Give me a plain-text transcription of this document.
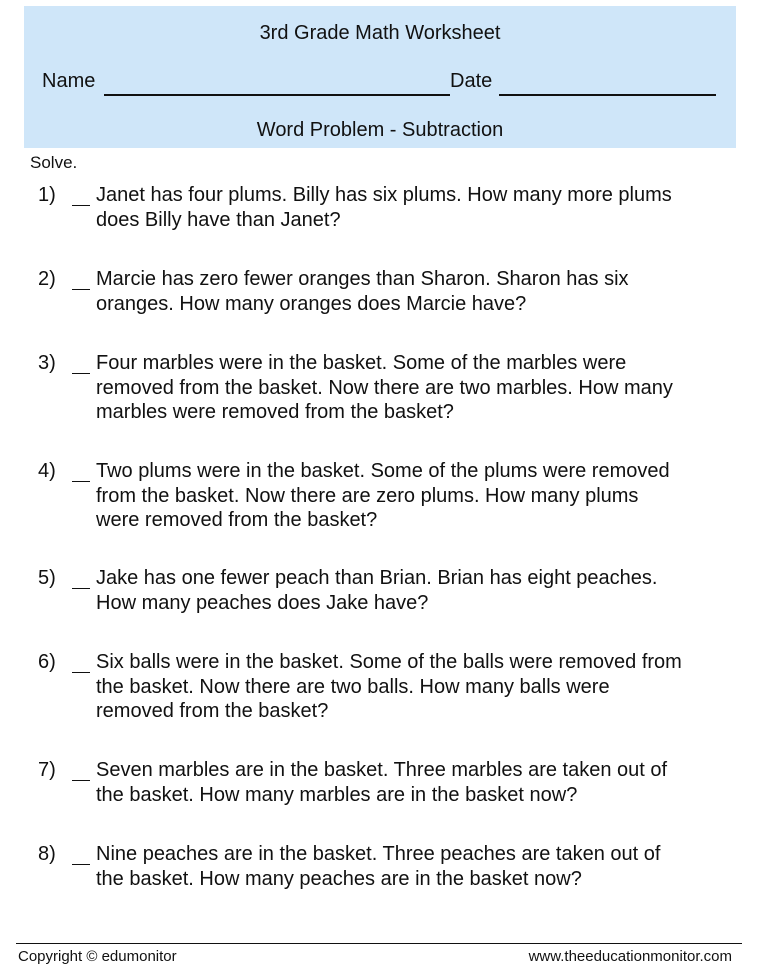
3rd Grade Math Worksheet
Name	Date
Word Problem - Subtraction
Solve.
1)	Janet has four plums. Billy has six plums. How many more plums
does Billy have than Janet?
2)	Marcie has zero fewer oranges than Sharon. Sharon has six
oranges. How many oranges does Marcie have?
3)	Four marbles were in the basket. Some of the marbles were
removed from the basket. Now there are two marbles. How many
marbles were removed from the basket?
4)	Two plums were in the basket. Some of the plums were removed
from the basket. Now there are zero plums. How many plums
were removed from the basket?
5)	Jake has one fewer peach than Brian. Brian has eight peaches.
How many peaches does Jake have?
6)	Six balls were in the basket. Some of the balls were removed from
the basket. Now there are two balls. How many balls were
removed from the basket?
7)	Seven marbles are in the basket. Three marbles are taken out of
the basket. How many marbles are in the basket now?
8)	Nine peaches are in the basket. Three peaches are taken out of
the basket. How many peaches are in the basket now?
Copyright © edumonitor	www.theeducationmonitor.com
